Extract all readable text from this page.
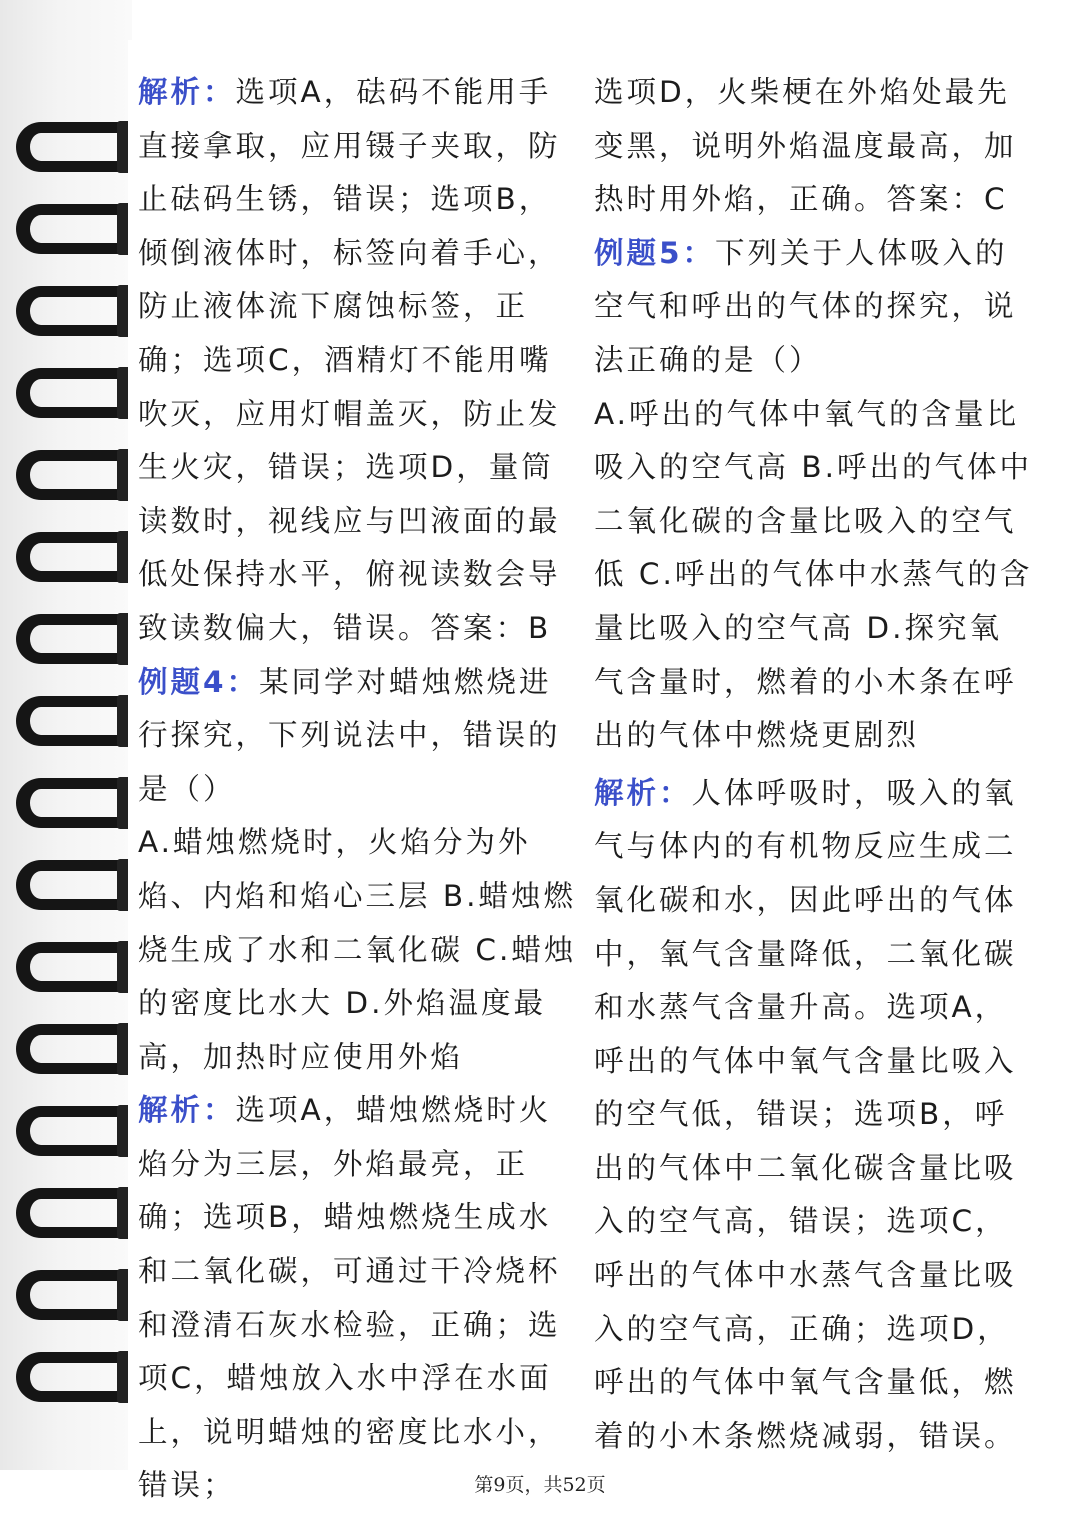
解析：选项A，砝码不能用手直接拿取，应用镊子夹取，防止砝码生锈，错误；选项B，倾倒液体时，标签向着手心，防止液体流下腐蚀标签，正确；选项C，酒精灯不能用嘴吹灭，应用灯帽盖灭，防止发生火灾，错误；选项D，量筒读数时，视线应与凹液面的最低处保持水平，俯视读数会导致读数偏大，错误。答案：B

例题4：某同学对蜡烛燃烧进行探究，下列说法中，错误的是（）

A.蜡烛燃烧时，火焰分为外焰、内焰和焰心三层 B.蜡烛燃烧生成了水和二氧化碳 C.蜡烛的密度比水大 D.外焰温度最高，加热时应使用外焰

解析：选项A，蜡烛燃烧时火焰分为三层，外焰最亮，正确；选项B，蜡烛燃烧生成水和二氧化碳，可通过干冷烧杯和澄清石灰水检验，正确；选项C，蜡烛放入水中浮在水面上，说明蜡烛的密度比水小，错误；

选项D，火柴梗在外焰处最先变黑，说明外焰温度最高，加热时用外焰，正确。答案：C

例题5：下列关于人体吸入的空气和呼出的气体的探究，说法正确的是（）

A.呼出的气体中氧气的含量比吸入的空气高 B.呼出的气体中二氧化碳的含量比吸入的空气低 C.呼出的气体中水蒸气的含量比吸入的空气高 D.探究氧气含量时，燃着的小木条在呼出的气体中燃烧更剧烈

解析：人体呼吸时，吸入的氧气与体内的有机物反应生成二氧化碳和水，因此呼出的气体中，氧气含量降低，二氧化碳和水蒸气含量升高。选项A，呼出的气体中氧气含量比吸入的空气低，错误；选项B，呼出的气体中二氧化碳含量比吸入的空气高，错误；选项C，呼出的气体中水蒸气含量比吸入的空气高，正确；选项D，呼出的气体中氧气含量低，燃着的小木条燃烧减弱，错误。

第9页，共52页
